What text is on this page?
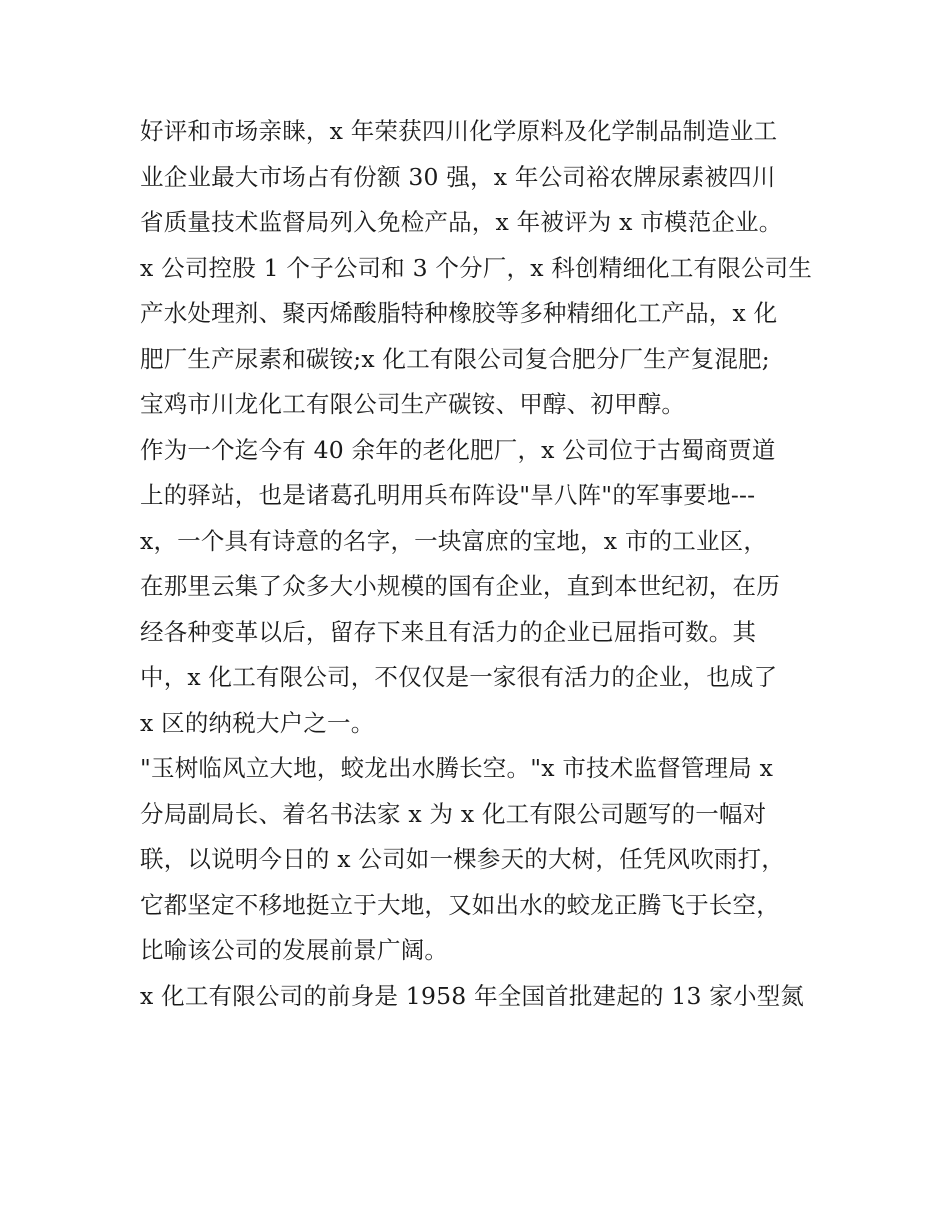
好评和市场亲睐，x 年荣获四川化学原料及化学制品制造业工
业企业最大市场占有份额 30 强，x 年公司裕农牌尿素被四川
省质量技术监督局列入免检产品，x 年被评为 x 市模范企业。
x 公司控股 1 个子公司和 3 个分厂，x 科创精细化工有限公司生
产水处理剂、聚丙烯酸脂特种橡胶等多种精细化工产品，x 化
肥厂生产尿素和碳铵;x 化工有限公司复合肥分厂生产复混肥;
宝鸡市川龙化工有限公司生产碳铵、甲醇、初甲醇。
作为一个迄今有 40 余年的老化肥厂，x 公司位于古蜀商贾道
上的驿站，也是诸葛孔明用兵布阵设"旱八阵"的军事要地---
x，一个具有诗意的名字，一块富庶的宝地，x 市的工业区，
在那里云集了众多大小规模的国有企业，直到本世纪初，在历
经各种变革以后，留存下来且有活力的企业已屈指可数。其
中，x 化工有限公司，不仅仅是一家很有活力的企业，也成了
x 区的纳税大户之一。
"玉树临风立大地，蛟龙出水腾长空。"x 市技术监督管理局 x
分局副局长、着名书法家 x 为 x 化工有限公司题写的一幅对
联，以说明今日的 x 公司如一棵参天的大树，任凭风吹雨打，
它都坚定不移地挺立于大地，又如出水的蛟龙正腾飞于长空，
比喻该公司的发展前景广阔。
x 化工有限公司的前身是 1958 年全国首批建起的 13 家小型氮
